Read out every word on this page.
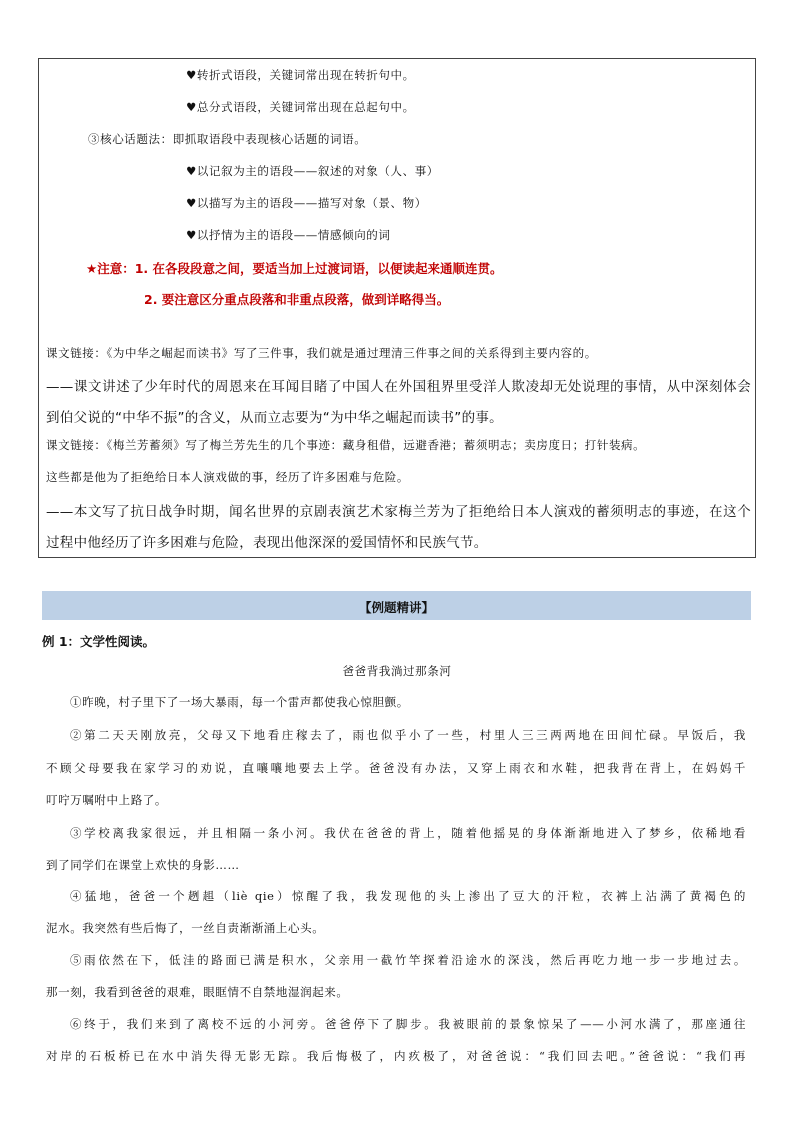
♥转折式语段，关键词常出现在转折句中。
♥总分式语段，关键词常出现在总起句中。
③核心话题法：即抓取语段中表现核心话题的词语。
♥以记叙为主的语段——叙述的对象（人、事）
♥以描写为主的语段——描写对象（景、物）
♥以抒情为主的语段——情感倾向的词
★注意：1. 在各段段意之间，要适当加上过渡词语，以便读起来通顺连贯。
2. 要注意区分重点段落和非重点段落，做到详略得当。
课文链接：《为中华之崛起而读书》写了三件事，我们就是通过理清三件事之间的关系得到主要内容的。
——课文讲述了少年时代的周恩来在耳闻目睹了中国人在外国租界里受洋人欺凌却无处说理的事情，从中深刻体会
到伯父说的“中华不振”的含义，从而立志要为“为中华之崛起而读书”的事。
课文链接：《梅兰芳蓄须》写了梅兰芳先生的几个事迹：藏身租借，远避香港；蓄须明志；卖房度日；打针装病。
这些都是他为了拒绝给日本人演戏做的事，经历了许多困难与危险。
——本文写了抗日战争时期，闻名世界的京剧表演艺术家梅兰芳为了拒绝给日本人演戏的蓄须明志的事迹，在这个
过程中他经历了许多困难与危险，表现出他深深的爱国情怀和民族气节。
【例题精讲】
例 1：文学性阅读。
爸爸背我淌过那条河
①昨晚，村子里下了一场大暴雨，每一个雷声都使我心惊胆颤。
②第二天天刚放亮，父母又下地看庄稼去了，雨也似乎小了一些，村里人三三两两地在田间忙碌。早饭后，我
不顾父母要我在家学习的劝说，直嚷嚷地要去上学。爸爸没有办法，又穿上雨衣和水鞋，把我背在背上，在妈妈千
叮咛万嘱咐中上路了。
③学校离我家很远，并且相隔一条小河。我伏在爸爸的背上，随着他摇晃的身体渐渐地进入了梦乡，依稀地看
到了同学们在课堂上欢快的身影……
④猛地，爸爸一个趔趄（liè qie）惊醒了我，我发现他的头上渗出了豆大的汗粒，衣裤上沾满了黄褐色的
泥水。我突然有些后悔了，一丝自责渐渐涌上心头。
⑤雨依然在下，低洼的路面已满是积水，父亲用一截竹竿探着沿途水的深浅，然后再吃力地一步一步地过去。
那一刻，我看到爸爸的艰难，眼眶情不自禁地湿润起来。
⑥终于，我们来到了离校不远的小河旁。爸爸停下了脚步。我被眼前的景象惊呆了——小河水满了，那座通往
对岸的石板桥已在水中消失得无影无踪。我后悔极了，内疚极了，对爸爸说：“我们回去吧。”爸爸说：“我们再
